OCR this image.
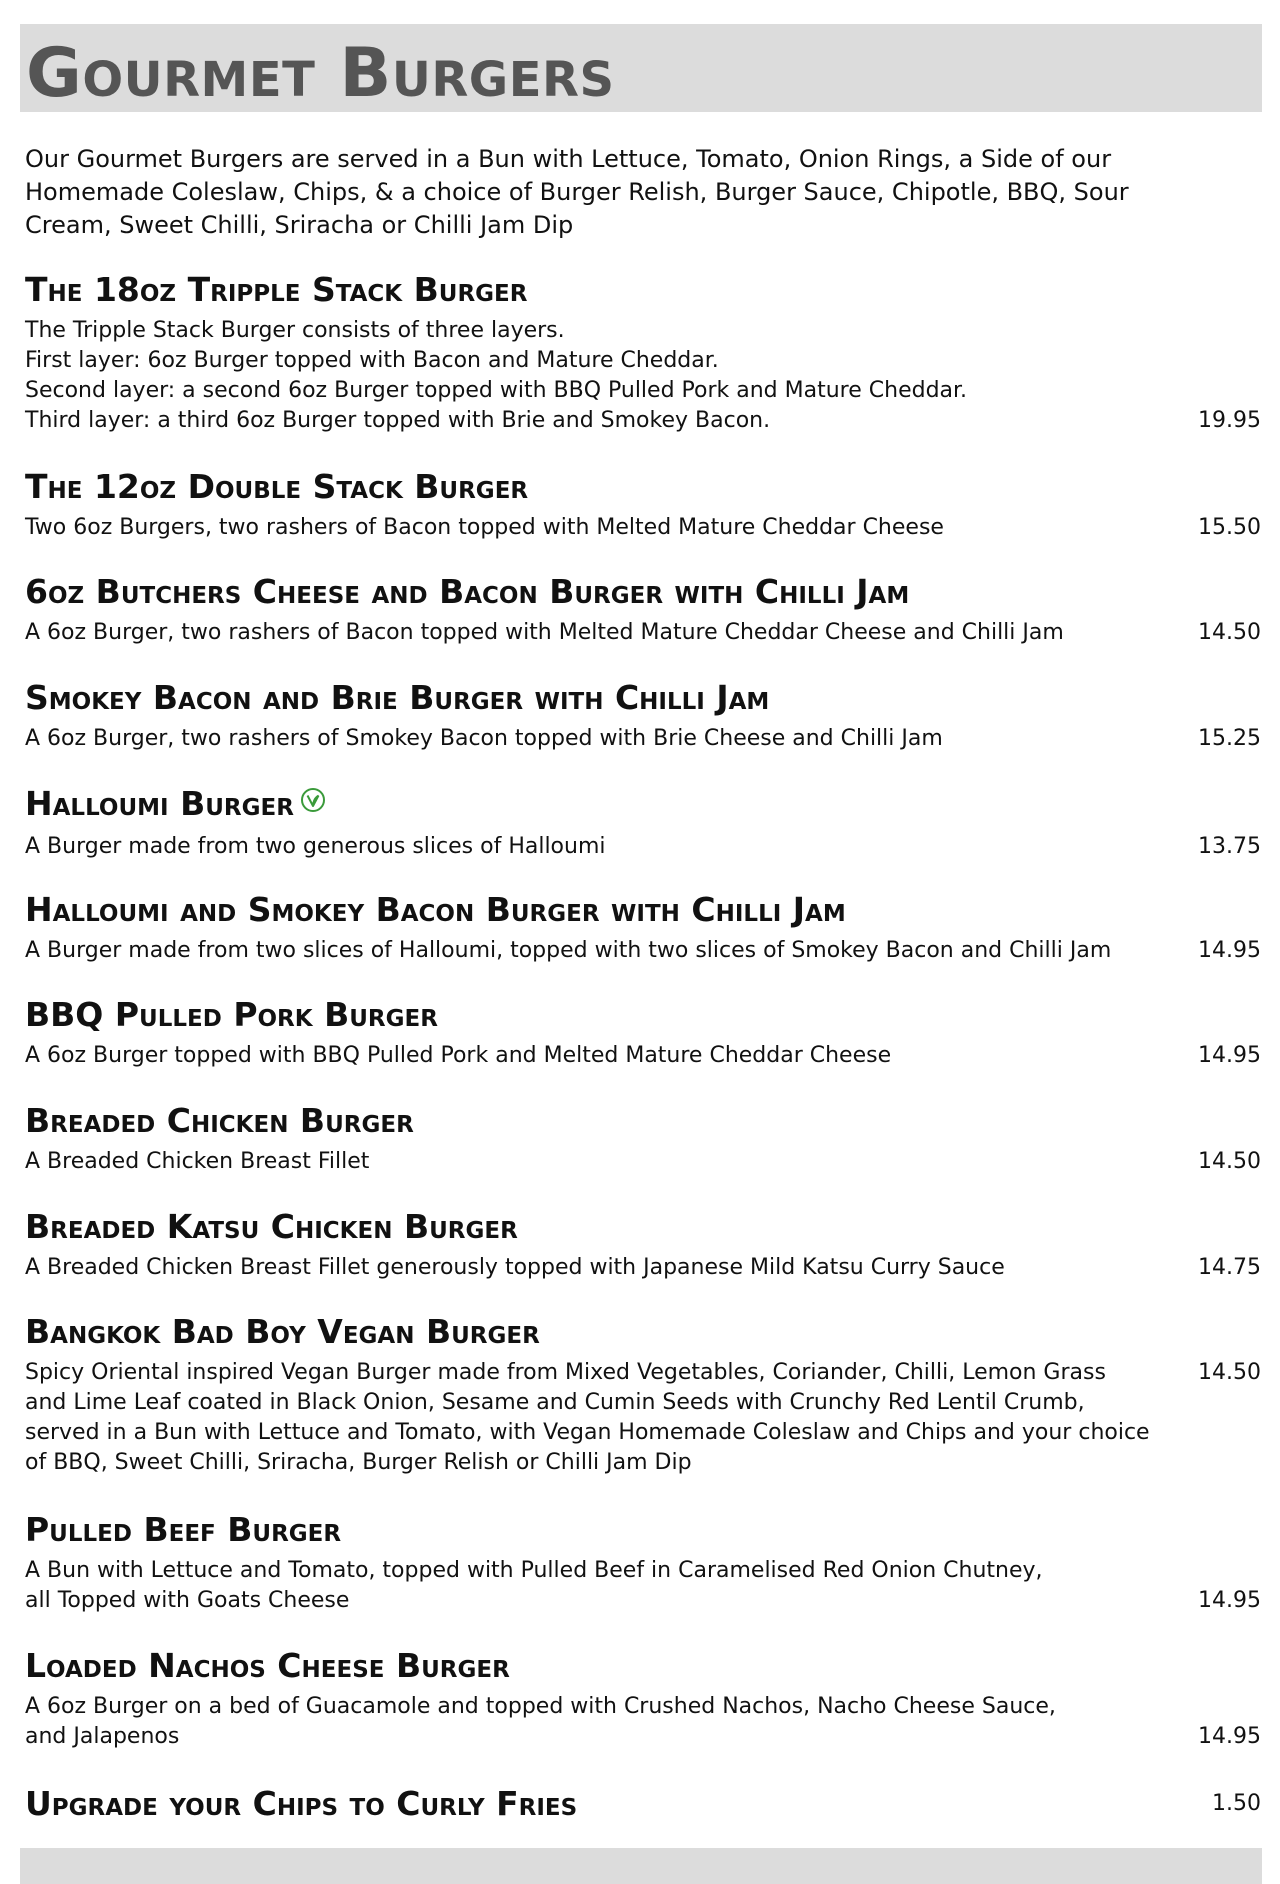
Gourmet Burgers
Our Gourmet Burgers are served in a Bun with Lettuce, Tomato, Onion Rings, a Side of our
Homemade Coleslaw, Chips, & a choice of Burger Relish, Burger Sauce, Chipotle, BBQ, Sour
Cream, Sweet Chilli, Sriracha or Chilli Jam Dip
The 18oz Tripple Stack Burger
The Tripple Stack Burger consists of three layers.
First layer: 6oz Burger topped with Bacon and Mature Cheddar.
Second layer: a second 6oz Burger topped with BBQ Pulled Pork and Mature Cheddar.
Third layer: a third 6oz Burger topped with Brie and Smokey Bacon.	19.95
The 12oz Double Stack Burger
Two 6oz Burgers, two rashers of Bacon topped with Melted Mature Cheddar Cheese	15.50
6oz Butchers Cheese and Bacon Burger with Chilli Jam
A 6oz Burger, two rashers of Bacon topped with Melted Mature Cheddar Cheese and Chilli Jam	14.50
Smokey Bacon and Brie Burger with Chilli Jam
A 6oz Burger, two rashers of Smokey Bacon topped with Brie Cheese and Chilli Jam	15.25
Halloumi Burger
A Burger made from two generous slices of Halloumi	13.75
Halloumi and Smokey Bacon Burger with Chilli Jam
A Burger made from two slices of Halloumi, topped with two slices of Smokey Bacon and Chilli Jam	14.95
BBQ Pulled Pork Burger
A 6oz Burger topped with BBQ Pulled Pork and Melted Mature Cheddar Cheese	14.95
Breaded Chicken Burger
A Breaded Chicken Breast Fillet	14.50
Breaded Katsu Chicken Burger
A Breaded Chicken Breast Fillet generously topped with Japanese Mild Katsu Curry Sauce	14.75
Bangkok Bad Boy Vegan Burger
Spicy Oriental inspired Vegan Burger made from Mixed Vegetables, Coriander, Chilli, Lemon Grass
and Lime Leaf coated in Black Onion, Sesame and Cumin Seeds with Crunchy Red Lentil Crumb,
served in a Bun with Lettuce and Tomato, with Vegan Homemade Coleslaw and Chips and your choice
of BBQ, Sweet Chilli, Sriracha, Burger Relish or Chilli Jam Dip
14.50
Pulled Beef Burger
A Bun with Lettuce and Tomato, topped with Pulled Beef in Caramelised Red Onion Chutney,
all Topped with Goats Cheese	14.95
Loaded Nachos Cheese Burger
A 6oz Burger on a bed of Guacamole and topped with Crushed Nachos, Nacho Cheese Sauce,
and Jalapenos	14.95
Upgrade your Chips to Curly Fries	1.50
